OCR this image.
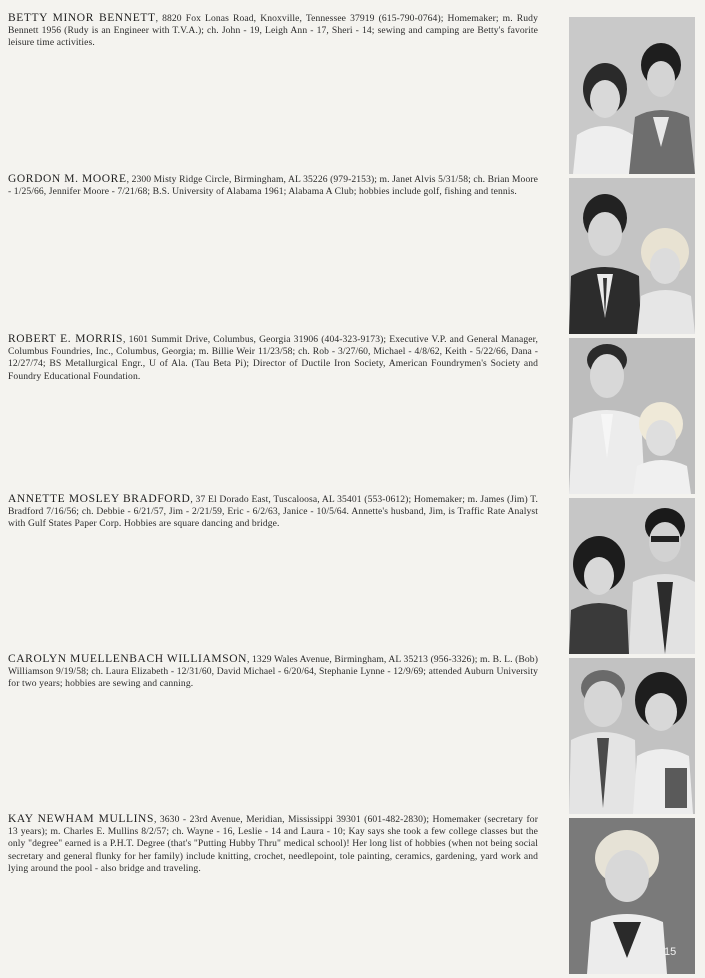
BETTY MINOR BENNETT, 8820 Fox Lonas Road, Knoxville, Tennessee 37919 (615-790-0764); Homemaker; m. Rudy Bennett 1956 (Rudy is an Engineer with T.V.A.); ch. John - 19, Leigh Ann - 17, Sheri - 14; sewing and camping are Betty's favorite leisure time activities.
GORDON M. MOORE, 2300 Misty Ridge Circle, Birmingham, AL 35226 (979-2153); m. Janet Alvis 5/31/58; ch. Brian Moore - 1/25/66, Jennifer Moore - 7/21/68; B.S. University of Alabama 1961; Alabama A Club; hobbies include golf, fishing and tennis.
ROBERT E. MORRIS, 1601 Summit Drive, Columbus, Georgia 31906 (404-323-9173); Executive V.P. and General Manager, Columbus Foundries, Inc., Columbus, Georgia; m. Billie Weir 11/23/58; ch. Rob - 3/27/60, Michael - 4/8/62, Keith - 5/22/66, Dana - 12/27/74; BS Metallurgical Engr., U of Ala. (Tau Beta Pi); Director of Ductile Iron Society, American Foundrymen's Society and Foundry Educational Foundation.
ANNETTE MOSLEY BRADFORD, 37 El Dorado East, Tuscaloosa, AL 35401 (553-0612); Homemaker; m. James (Jim) T. Bradford 7/16/56; ch. Debbie - 6/21/57, Jim - 2/21/59, Eric - 6/2/63, Janice - 10/5/64. Annette's husband, Jim, is Traffic Rate Analyst with Gulf States Paper Corp. Hobbies are square dancing and bridge.
CAROLYN MUELLENBACH WILLIAMSON, 1329 Wales Avenue, Birmingham, AL 35213 (956-3326); m. B. L. (Bob) Williamson 9/19/58; ch. Laura Elizabeth - 12/31/60, David Michael - 6/20/64, Stephanie Lynne - 12/9/69; attended Auburn University for two years; hobbies are sewing and canning.
KAY NEWHAM MULLINS, 3630 - 23rd Avenue, Meridian, Mississippi 39301 (601-482-2830); Homemaker (secretary for 13 years); m. Charles E. Mullins 8/2/57; ch. Wayne - 16, Leslie - 14 and Laura - 10; Kay says she took a few college classes but the only "degree" earned is a P.H.T. Degree (that's "Putting Hubby Thru" medical school)! Her long list of hobbies (when not being social secretary and general flunky for her family) include knitting, crochet, needlepoint, tole painting, ceramics, gardening, yard work and lying around the pool - also bridge and traveling.
15
